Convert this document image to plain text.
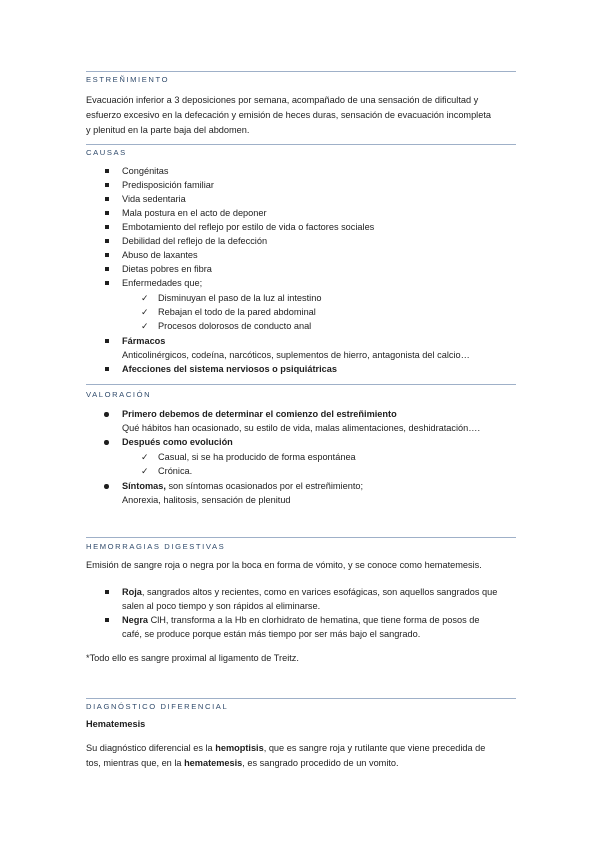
ESTREÑIMIENTO
Evacuación inferior a 3 deposiciones por semana, acompañado de una sensación de dificultad y
esfuerzo excesivo en la defecación y emisión de heces duras, sensación de evacuación incompleta
y plenitud en la parte baja del abdomen.
CAUSAS
Congénitas
Predisposición familiar
Vida sedentaria
Mala postura en el acto de deponer
Embotamiento del reflejo por estilo de vida o factores sociales
Debilidad del reflejo de la defección
Abuso de laxantes
Dietas pobres en fibra
Enfermedades que;
✓ Disminuyan el paso de la luz al intestino
✓ Rebajan el todo de la pared abdominal
✓ Procesos dolorosos de conducto anal
Fármacos
Anticolinérgicos, codeína, narcóticos, suplementos de hierro, antagonista del calcio…
Afecciones del sistema nerviosos o psiquiátricas
VALORACIÓN
Primero debemos de determinar el comienzo del estreñimiento
Qué hábitos han ocasionado, su estilo de vida, malas alimentaciones, deshidratación….
Después como evolución
✓ Casual, si se ha producido de forma espontánea
✓ Crónica.
Síntomas, son síntomas ocasionados por el estreñimiento;
Anorexia, halitosis, sensación de plenitud
HEMORRAGIAS DIGESTIVAS
Emisión de sangre roja o negra por la boca en forma de vómito, y se conoce como hematemesis.
Roja, sangrados altos y recientes, como en varices esofágicas, son aquellos sangrados que
salen al poco tiempo y son rápidos al eliminarse.
Negra ClH, transforma a la Hb en clorhidrato de hematina, que tiene forma de posos de
café, se produce porque están más tiempo por ser más bajo el sangrado.
*Todo ello es sangre proximal al ligamento de Treitz.
DIAGNÓSTICO DIFERENCIAL
Hematemesis
Su diagnóstico diferencial es la hemoptisis, que es sangre roja y rutilante que viene precedida de
tos, mientras que, en la hematemesis, es sangrado procedido de un vomito.
